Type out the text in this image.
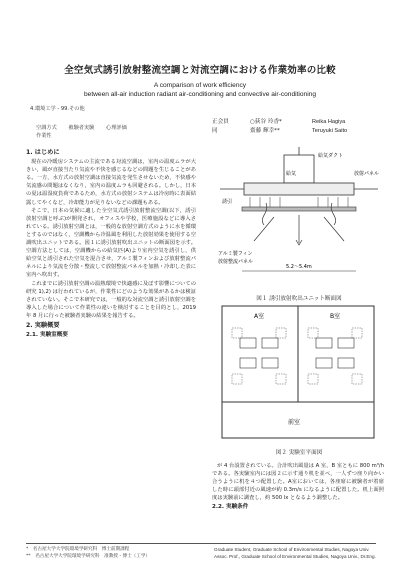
全空気式誘引放射整流空調と対流空調における作業効率の比較
A comparison of work efficiency
between all-air induction radiant air-conditioning and convective air-conditioning
4.環境工学 - 99.その他
空調方式 被験者実験 心理評価
作業性
正会員	○荻谷 玲香*	Reika Hagiya
同	齋藤 輝幸**	Teruyuki Saito
1. はじめに

現在の冷暖房システムの主流である対流空調は，室内の温度ムラが大きい，風が直接当たり気流や不快を感じるなどの問題を生じることがある。一方，水方式の放射空調は直接気流を発生させないため，不快感や気流感の問題はなくなり，室内の温度ムラも回避される。しかし，日本の夏は温湿度負荷であるため，水方式の放射システムは冷房時に表面結露してやくなど，冷却能力が足りないなどの課題もある。

そこで，日本の気候に適した全空気式誘引放射整流空調(以下，誘引放射空調と呼ぶ)が開発され，オフィスや学校，医療施設などに導入されている。誘引放射空調とは，一般的な放射空調方式のように水を循環とするのではなく，空調機から冷温風を利用した放射効果を使用する空調吹出ユニットである。図１に誘引放射吹出ユニットの断面図を示す。空調方法としては，空調機からの給気匹(A)より室内空気を誘引し，供給空気と誘引された空気を混合させ，アルミ製フィンおよび放射整流パネルにより気流を分散・整流して放射整流パネルを加熱・冷却した表に室内へ吹出す。

これまでに誘引放射空調の温熱環境で快適感に及ぼす影響についての研究 1),2) は行われているが，作業性にどのような効果があるかは検証されていない。そこで本研究では，一般的な対流空調と誘引放射空調を導入した場合について作業性の違いを検討することを目的とし，2019 年 8 月に行った被験者実験の結果を報告する。

2. 実験概要
2.1. 実験室概要
給気ダクト
給気
誘引
放射パネル
アルミ製フィン
放射整流パネル
5.2～5.4m
図１ 誘引放射吹出ユニット断面図
A室	B室
前室
図２ 実験室平面図

が 4 台設置されている。合計吹出風量は A 室，B 室ともに 800 m³/h である。各実験室内には図２に示す通り机を並べ，一人ずつ座り向かい合うように机を４つ配置した。A室においては，各座席に被験者が着席した時に頭部付近の風速が約 0.3m/s になるように配置した。机上面照度は実験前に調査し，約 500 lx となるよう調整した。

2.2. 実験条件
*　名古屋大学大学院環境学研究科　博士前期課程
**　名古屋大学大学院環境学研究科　准教授・博士（工学）
Graduate Student, Graduate School of Environmental Studies, Nagoya Univ.
Assoc. Prof., Graduate School of Environmental Studies, Nagoya Univ., Dr.Eng.
